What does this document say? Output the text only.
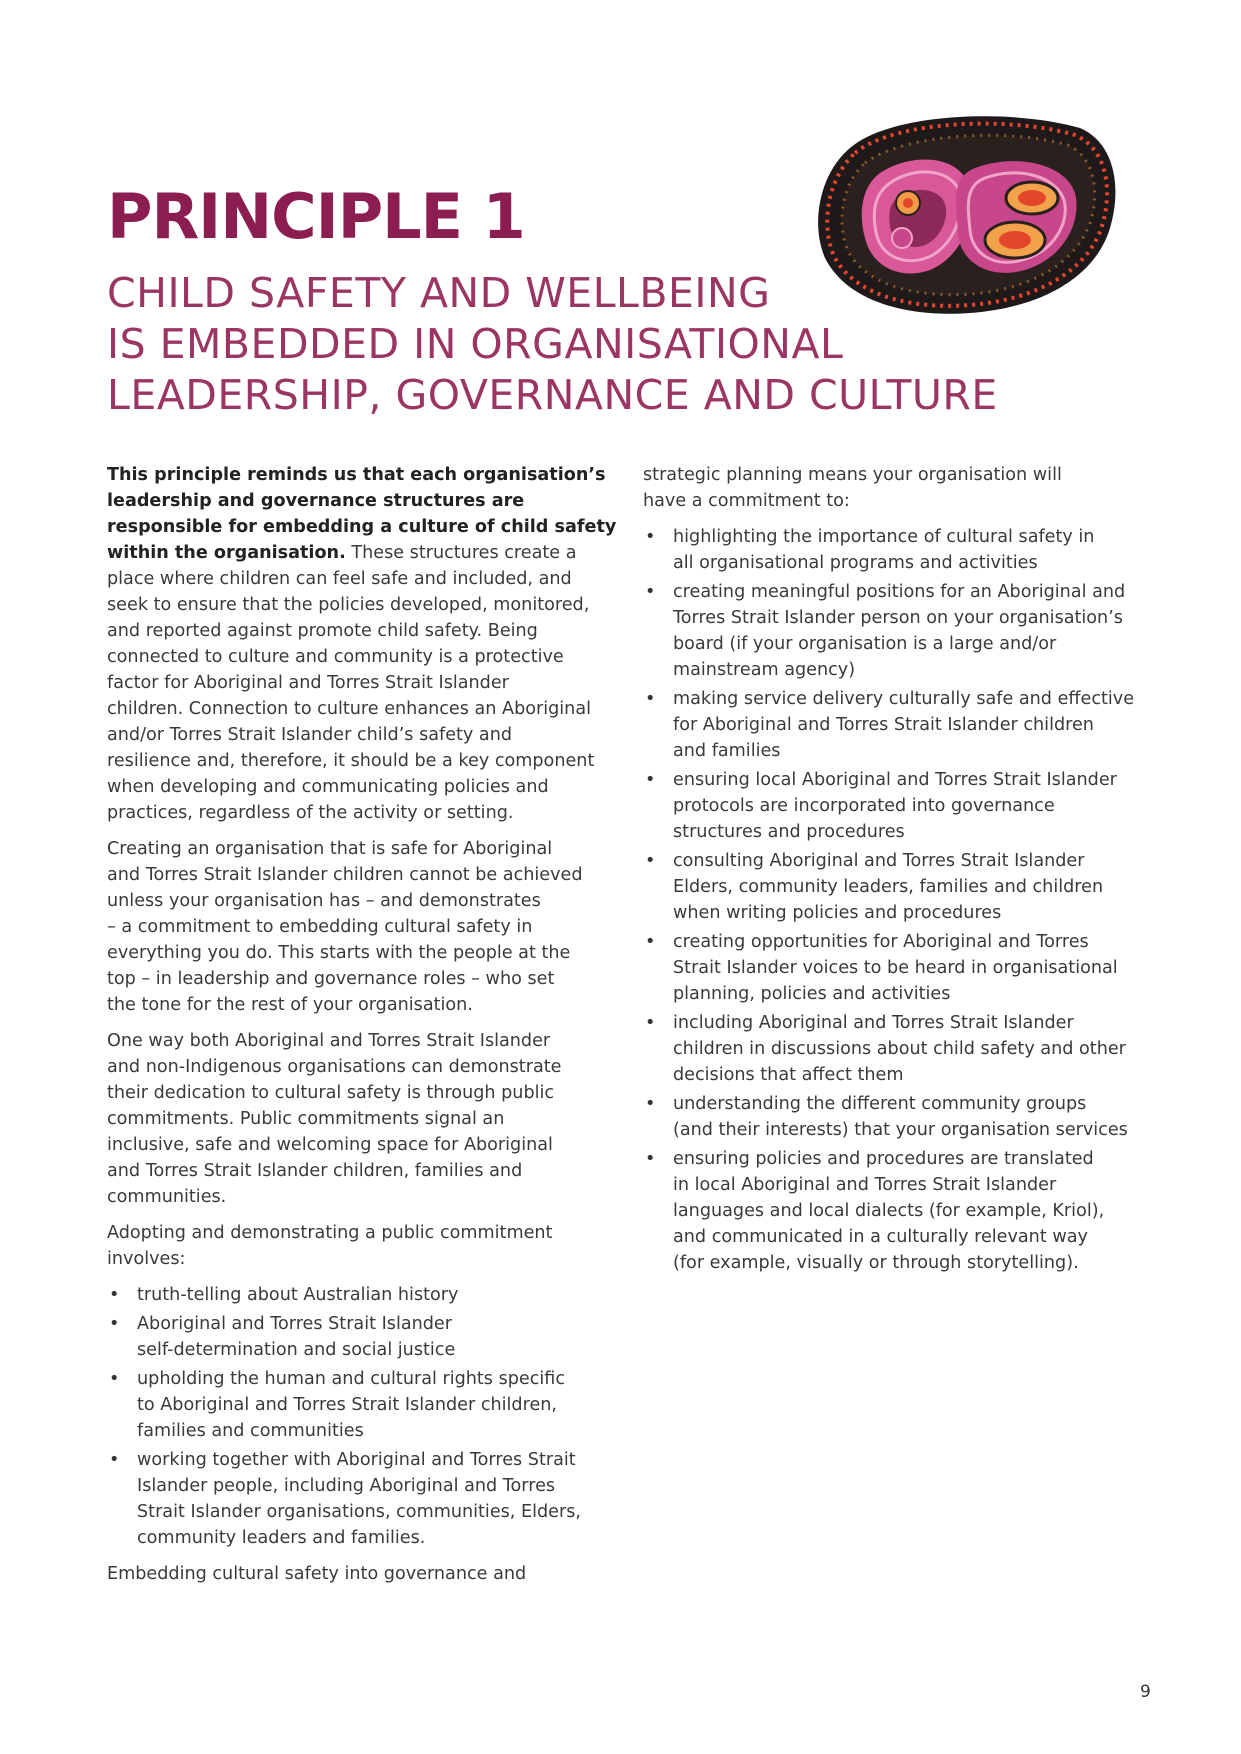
PRINCIPLE 1
CHILD SAFETY AND WELLBEING
IS EMBEDDED IN ORGANISATIONAL
LEADERSHIP, GOVERNANCE AND CULTURE

This principle reminds us that each organisation’s
leadership and governance structures are
responsible for embedding a culture of child safety
within the organisation. These structures create a
place where children can feel safe and included, and
seek to ensure that the policies developed, monitored,
and reported against promote child safety. Being
connected to culture and community is a protective
factor for Aboriginal and Torres Strait Islander
children. Connection to culture enhances an Aboriginal
and/or Torres Strait Islander child’s safety and
resilience and, therefore, it should be a key component
when developing and communicating policies and
practices, regardless of the activity or setting.

Creating an organisation that is safe for Aboriginal
and Torres Strait Islander children cannot be achieved
unless your organisation has – and demonstrates
– a commitment to embedding cultural safety in
everything you do. This starts with the people at the
top – in leadership and governance roles – who set
the tone for the rest of your organisation.

One way both Aboriginal and Torres Strait Islander
and non-Indigenous organisations can demonstrate
their dedication to cultural safety is through public
commitments. Public commitments signal an
inclusive, safe and welcoming space for Aboriginal
and Torres Strait Islander children, families and
communities.

Adopting and demonstrating a public commitment
involves:

• truth-telling about Australian history
• Aboriginal and Torres Strait Islander
self-determination and social justice
• upholding the human and cultural rights specific
to Aboriginal and Torres Strait Islander children,
families and communities
• working together with Aboriginal and Torres Strait
Islander people, including Aboriginal and Torres
Strait Islander organisations, communities, Elders,
community leaders and families.

Embedding cultural safety into governance and

strategic planning means your organisation will
have a commitment to:

• highlighting the importance of cultural safety in
all organisational programs and activities
• creating meaningful positions for an Aboriginal and
Torres Strait Islander person on your organisation’s
board (if your organisation is a large and/or
mainstream agency)
• making service delivery culturally safe and effective
for Aboriginal and Torres Strait Islander children
and families
• ensuring local Aboriginal and Torres Strait Islander
protocols are incorporated into governance
structures and procedures
• consulting Aboriginal and Torres Strait Islander
Elders, community leaders, families and children
when writing policies and procedures
• creating opportunities for Aboriginal and Torres
Strait Islander voices to be heard in organisational
planning, policies and activities
• including Aboriginal and Torres Strait Islander
children in discussions about child safety and other
decisions that affect them
• understanding the different community groups
(and their interests) that your organisation services
• ensuring policies and procedures are translated
in local Aboriginal and Torres Strait Islander
languages and local dialects (for example, Kriol),
and communicated in a culturally relevant way
(for example, visually or through storytelling).
9
